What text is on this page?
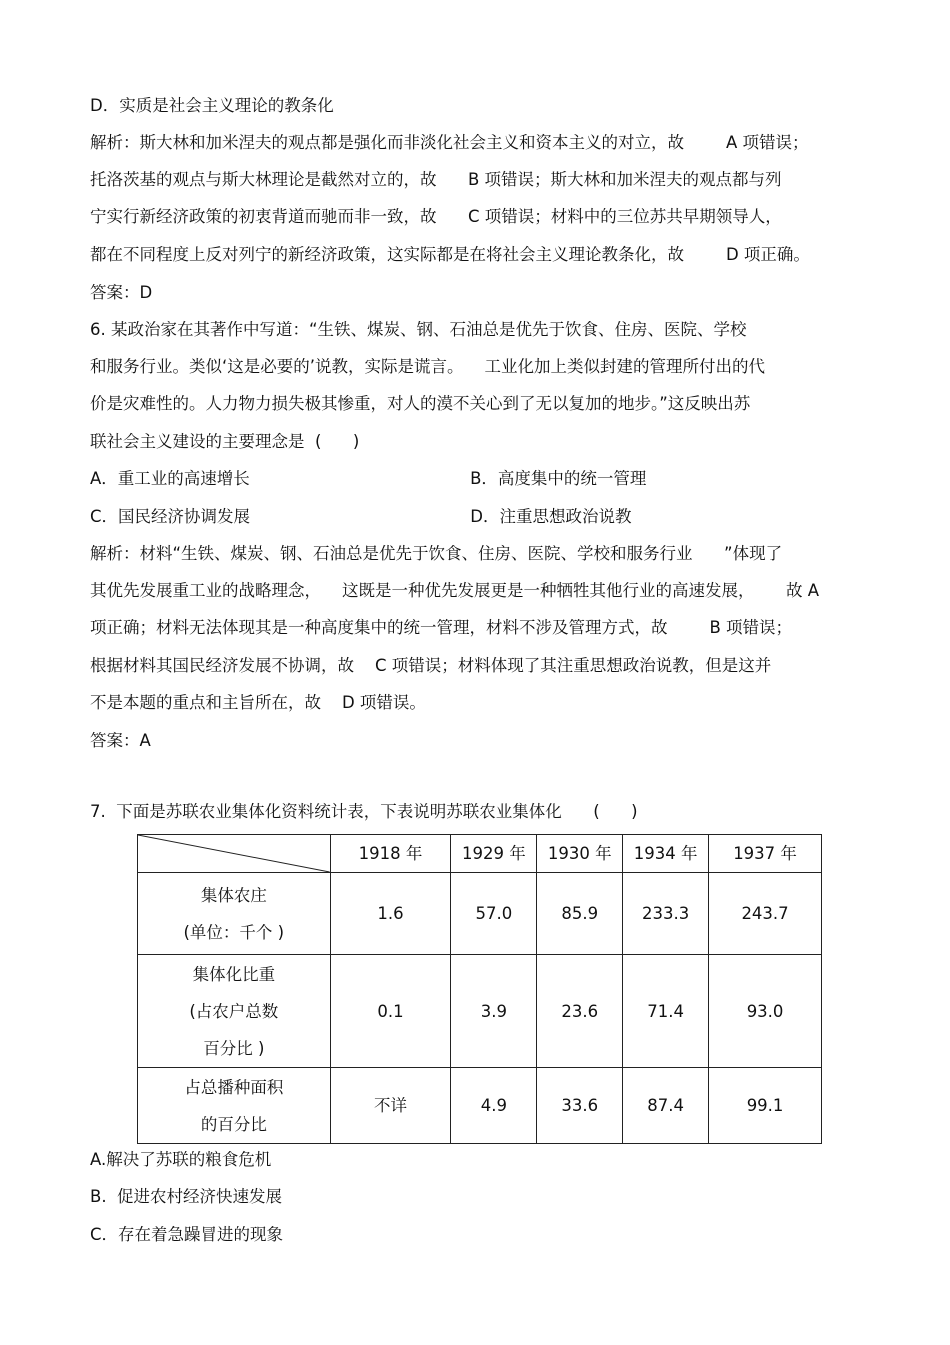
D．实质是社会主义理论的教条化
解析：斯大林和加米涅夫的观点都是强化而非淡化社会主义和资本主义的对立，故        A 项错误；
托洛茨基的观点与斯大林理论是截然对立的，故      B 项错误；斯大林和加米涅夫的观点都与列
宁实行新经济政策的初衷背道而驰而非一致，故      C 项错误；材料中的三位苏共早期领导人，
都在不同程度上反对列宁的新经济政策，这实际都是在将社会主义理论教条化，故        D 项正确。
答案：D
6. 某政治家在其著作中写道：“生铁、煤炭、钢、石油总是优先于饮食、住房、医院、学校
和服务行业。类似‘这是必要的’说教，实际是谎言。    工业化加上类似封建的管理所付出的代
价是灾难性的。人力物力损失极其惨重，对人的漠不关心到了无以复加的地步。”这反映出苏
联社会主义建设的主要理念是  (      )
A．重工业的高速增长                                          B．高度集中的统一管理
C．国民经济协调发展                                          D．注重思想政治说教
解析：材料“生铁、煤炭、钢、石油总是优先于饮食、住房、医院、学校和服务行业      ”体现了
其优先发展重工业的战略理念，    这既是一种优先发展更是一种牺牲其他行业的高速发展，      故 A
项正确；材料无法体现其是一种高度集中的统一管理，材料不涉及管理方式，故        B 项错误；
根据材料其国民经济发展不协调，故    C 项错误；材料体现了其注重思想政治说教，但是这并
不是本题的重点和主旨所在，故    D 项错误。
答案：A
7.  下面是苏联农业集体化资料统计表，下表说明苏联农业集体化      (      )
	1918 年	1929 年	1930 年	1934 年	1937 年

集体农庄
(单位：千个 )	1.6	57.0	85.9	233.3	243.7

集体化比重
(占农户总数
百分比 )	0.1	3.9	23.6	71.4	93.0

占总播种面积
的百分比	不详	4.9	33.6	87.4	99.1
A.解决了苏联的粮食危机
B.  促进农村经济快速发展
C．存在着急躁冒进的现象
